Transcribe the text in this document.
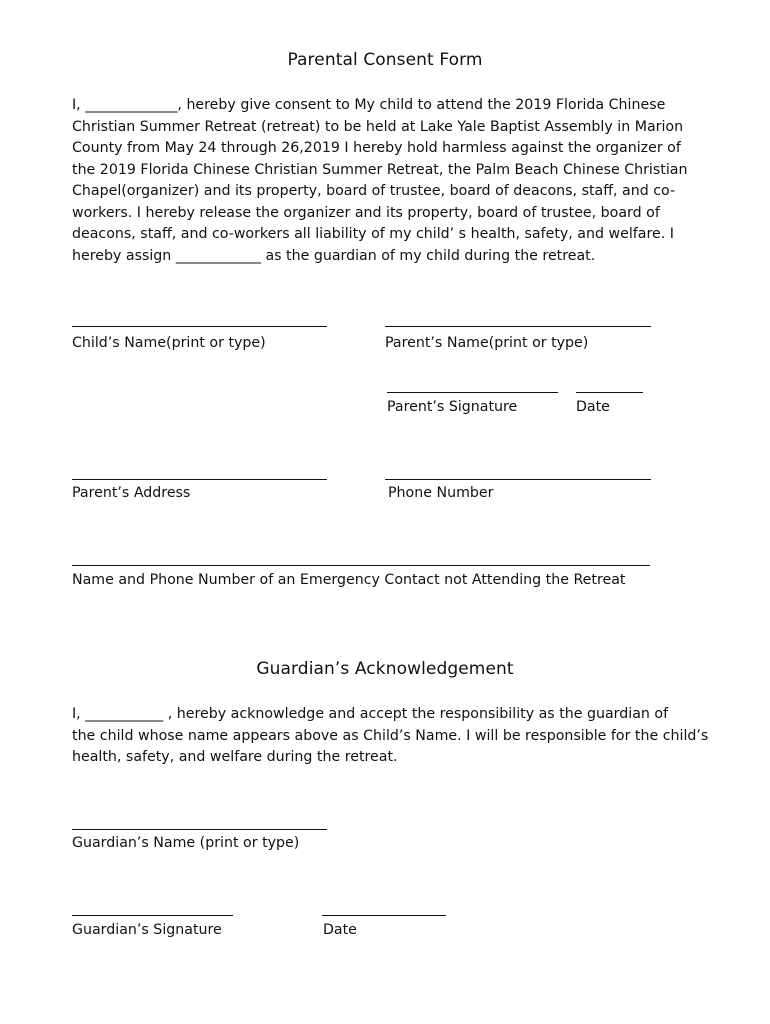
Parental Consent Form
I, _____________, hereby give consent to My child to attend the 2019 Florida Chinese
Christian Summer Retreat (retreat) to be held at Lake Yale Baptist Assembly in Marion
County from May 24 through 26,2019 I hereby hold harmless against the organizer of
the 2019 Florida Chinese Christian Summer Retreat, the Palm Beach Chinese Christian
Chapel(organizer) and its property, board of trustee, board of deacons, staff, and co-
workers. I hereby release the organizer and its property, board of trustee, board of
deacons, staff, and co-workers all liability of my child’ s health, safety, and welfare. I
hereby assign ____________ as the guardian of my child during the retreat.
Child’s Name(print or type)	Parent’s Name(print or type)
Parent’s Signature	Date
Parent’s Address	Phone Number
Name and Phone Number of an Emergency Contact not Attending the Retreat
Guardian’s Acknowledgement
I, ___________ , hereby acknowledge and accept the responsibility as the guardian of
the child whose name appears above as Child’s Name. I will be responsible for the child’s
health, safety, and welfare during the retreat.
Guardian’s Name (print or type)
Guardian’s Signature	Date
